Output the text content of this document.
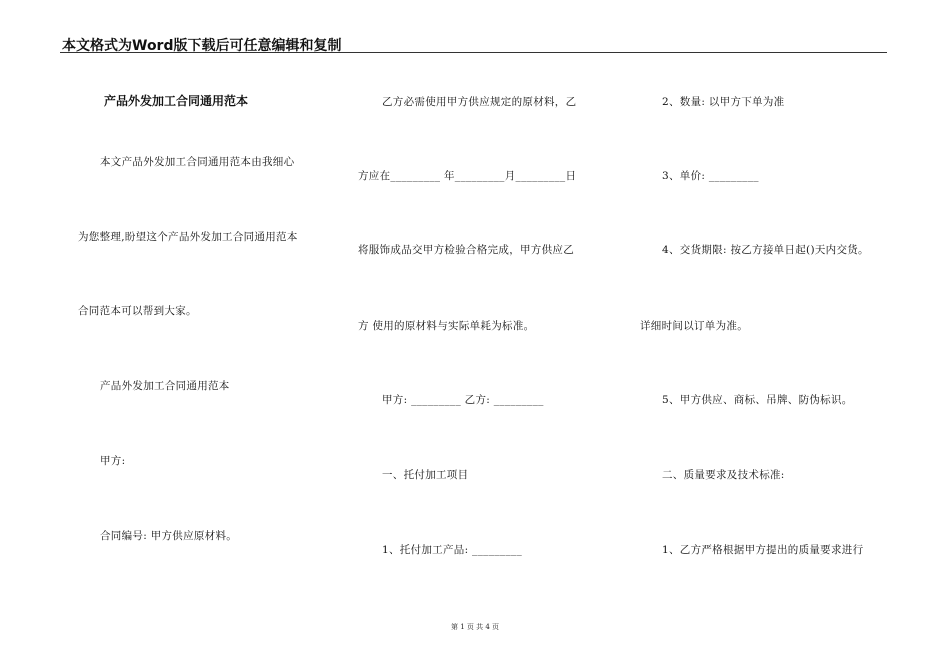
本文格式为Word版下载后可任意编辑和复制
产品外发加工合同通用范本
本文产品外发加工合同通用范本由我细心
为您整理,盼望这个产品外发加工合同通用范本
合同范本可以帮到大家。
产品外发加工合同通用范本
甲方:
合同编号: 甲方供应原材料。
乙方必需使用甲方供应规定的原材料，乙
方应在_________ 年_________月_________日
将服饰成品交甲方检验合格完成，甲方供应乙
方 使用的原材料与实际单耗为标准。
甲方: _________ 乙方: _________
一、托付加工项目
1、托付加工产品: _________
2、数量: 以甲方下单为准
3、单价: _________
4、交货期限: 按乙方接单日起()天内交货。
详细时间以订单为准。
5、甲方供应、商标、吊牌、防伪标识。
二、质量要求及技术标准:
1、乙方严格根据甲方提出的质量要求进行
第 1 页 共 4 页
